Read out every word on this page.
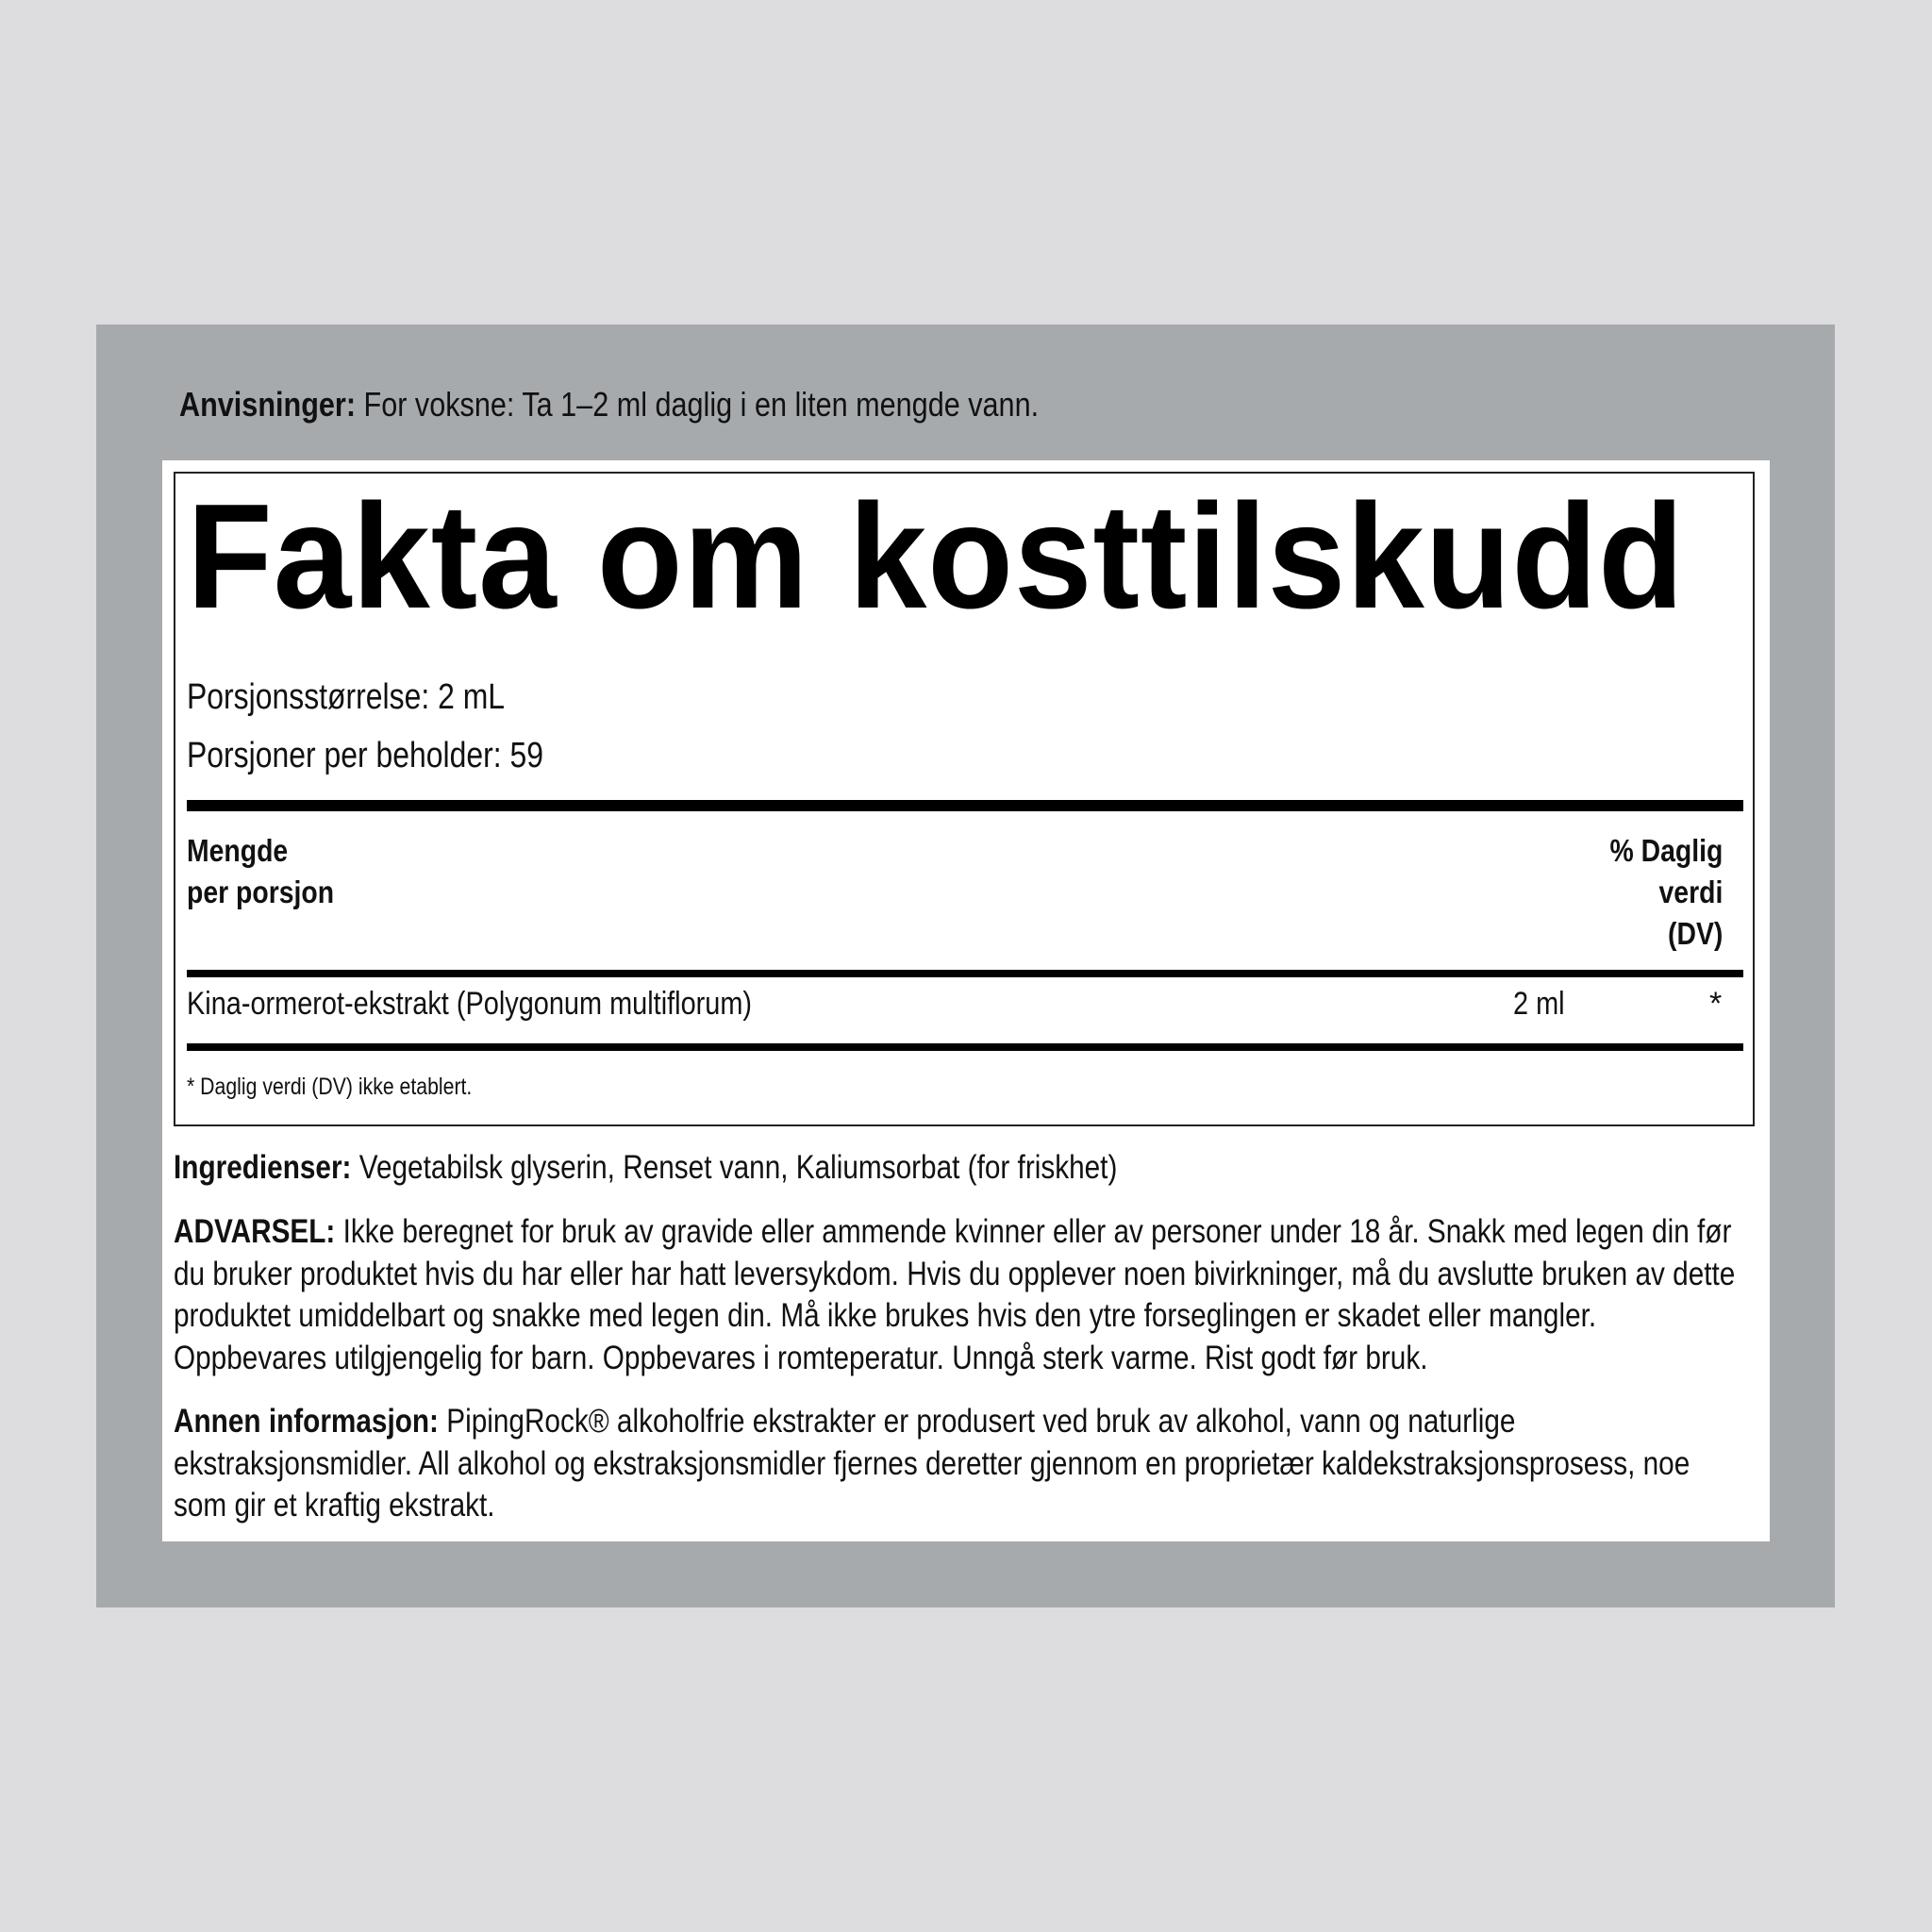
Anvisninger: For voksne: Ta 1–2 ml daglig i en liten mengde vann.
Fakta om kosttilskudd
Porsjonsstørrelse: 2 mL
Porsjoner per beholder: 59
Mengde
per porsjon
% Daglig
verdi
(DV)
Kina-ormerot-ekstrakt (Polygonum multiflorum)	2 ml	*
* Daglig verdi (DV) ikke etablert.
Ingredienser: Vegetabilsk glyserin, Renset vann, Kaliumsorbat (for friskhet)
ADVARSEL: Ikke beregnet for bruk av gravide eller ammende kvinner eller av personer under 18 år. Snakk med legen din før du bruker produktet hvis du har eller har hatt leversykdom. Hvis du opplever noen bivirkninger, må du avslutte bruken av dette produktet umiddelbart og snakke med legen din. Må ikke brukes hvis den ytre forseglingen er skadet eller mangler. Oppbevares utilgjengelig for barn. Oppbevares i romteperatur. Unngå sterk varme. Rist godt før bruk.
Annen informasjon: PipingRock® alkoholfrie ekstrakter er produsert ved bruk av alkohol, vann og naturlige ekstraksjonsmidler. All alkohol og ekstraksjonsmidler fjernes deretter gjennom en proprietær kaldekstraksjonsprosess, noe som gir et kraftig ekstrakt.
